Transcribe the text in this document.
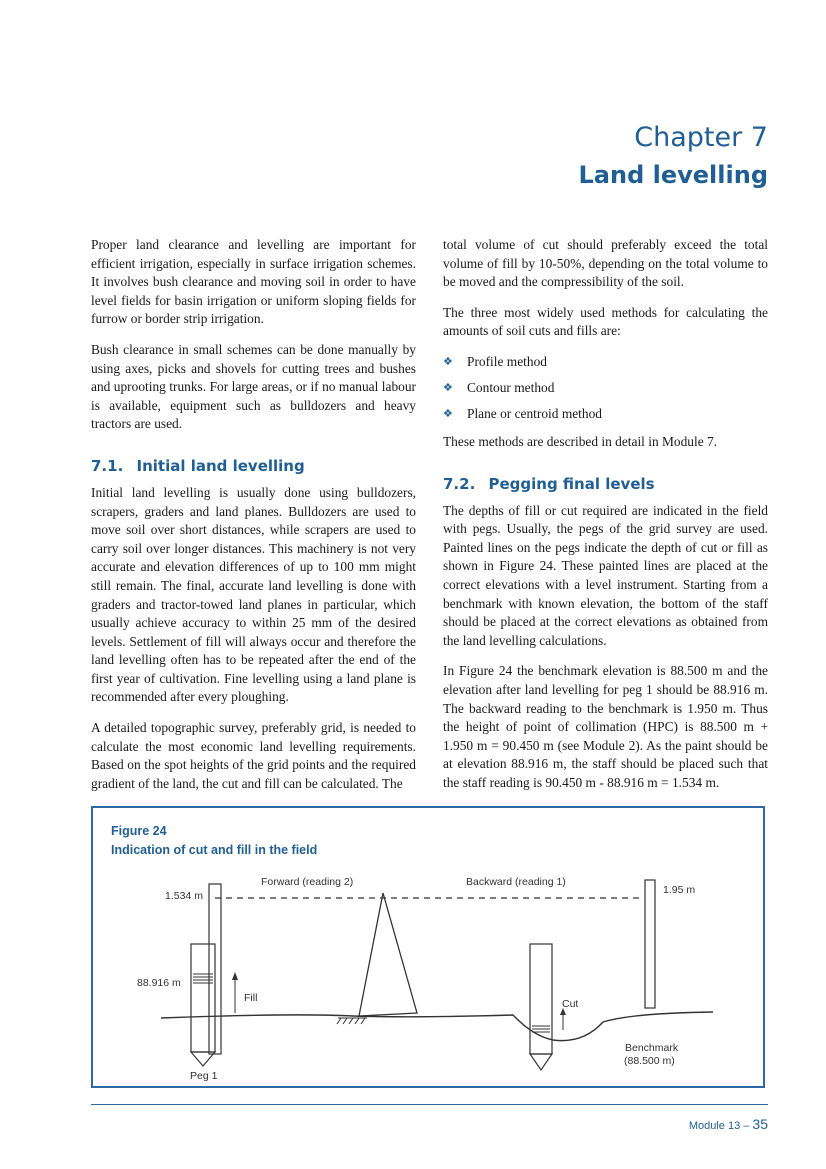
Chapter 7
Land levelling

Proper land clearance and levelling are important for efficient irrigation, especially in surface irrigation schemes. It involves bush clearance and moving soil in order to have level fields for basin irrigation or uniform sloping fields for furrow or border strip irrigation.

Bush clearance in small schemes can be done manually by using axes, picks and shovels for cutting trees and bushes and uprooting trunks. For large areas, or if no manual labour is available, equipment such as bulldozers and heavy tractors are used.

7.1. Initial land levelling

Initial land levelling is usually done using bulldozers, scrapers, graders and land planes. Bulldozers are used to move soil over short distances, while scrapers are used to carry soil over longer distances. This machinery is not very accurate and elevation differences of up to 100 mm might still remain. The final, accurate land levelling is done with graders and tractor-towed land planes in particular, which usually achieve accuracy to within 25 mm of the desired levels. Settlement of fill will always occur and therefore the land levelling often has to be repeated after the end of the first year of cultivation. Fine levelling using a land plane is recommended after every ploughing.

A detailed topographic survey, preferably grid, is needed to calculate the most economic land levelling requirements. Based on the spot heights of the grid points and the required gradient of the land, the cut and fill can be calculated. The

total volume of cut should preferably exceed the total volume of fill by 10-50%, depending on the total volume to be moved and the compressibility of the soil.

The three most widely used methods for calculating the amounts of soil cuts and fills are:

❖ Profile method
❖ Contour method
❖ Plane or centroid method

These methods are described in detail in Module 7.

7.2. Pegging final levels

The depths of fill or cut required are indicated in the field with pegs. Usually, the pegs of the grid survey are used. Painted lines on the pegs indicate the depth of cut or fill as shown in Figure 24. These painted lines are placed at the correct elevations with a level instrument. Starting from a benchmark with known elevation, the bottom of the staff should be placed at the correct elevations as obtained from the land levelling calculations.

In Figure 24 the benchmark elevation is 88.500 m and the elevation after land levelling for peg 1 should be 88.916 m. The backward reading to the benchmark is 1.950 m. Thus the height of point of collimation (HPC) is 88.500 m + 1.950 m = 90.450 m (see Module 2). As the paint should be at elevation 88.916 m, the staff should be placed such that the staff reading is 90.450 m - 88.916 m = 1.534 m.

Figure 24
Indication of cut and fill in the field
1.534 m	1.95 m
Forward (reading 2)	Backward (reading 1)
88.916 m
Fill	Cut
Benchmark
(88.500 m)
Peg 1
Module 13 – 35
